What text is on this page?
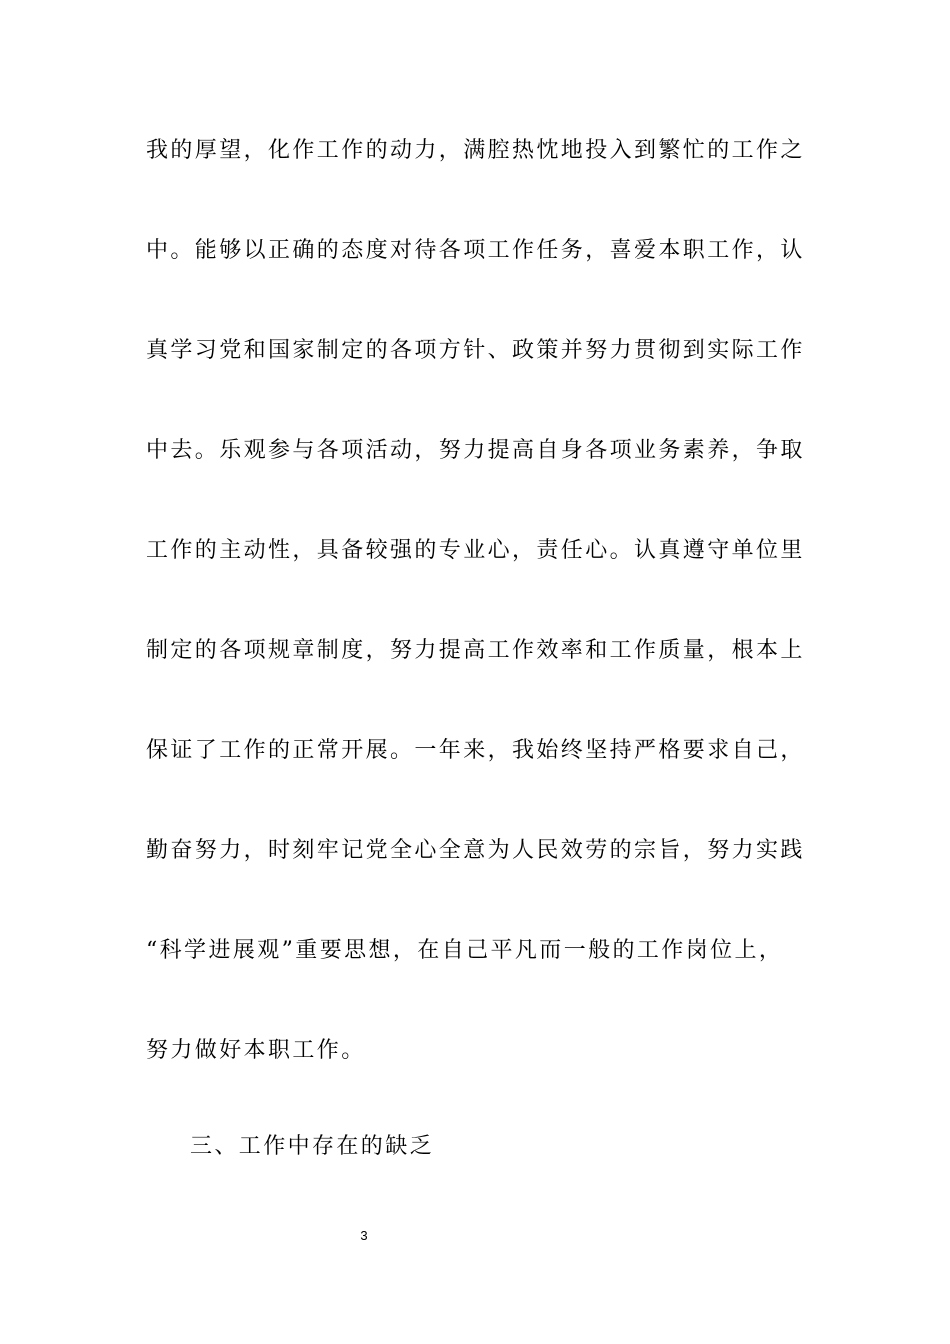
我的厚望，化作工作的动力，满腔热忱地投入到繁忙的工作之
中。能够以正确的态度对待各项工作任务，喜爱本职工作，认
真学习党和国家制定的各项方针、政策并努力贯彻到实际工作
中去。乐观参与各项活动，努力提高自身各项业务素养，争取
工作的主动性，具备较强的专业心，责任心。认真遵守单位里
制定的各项规章制度，努力提高工作效率和工作质量，根本上
保证了工作的正常开展。一年来，我始终坚持严格要求自己，
勤奋努力，时刻牢记党全心全意为人民效劳的宗旨，努力实践
“科学进展观”重要思想，在自己平凡而一般的工作岗位上，
努力做好本职工作。
三、工作中存在的缺乏
3
